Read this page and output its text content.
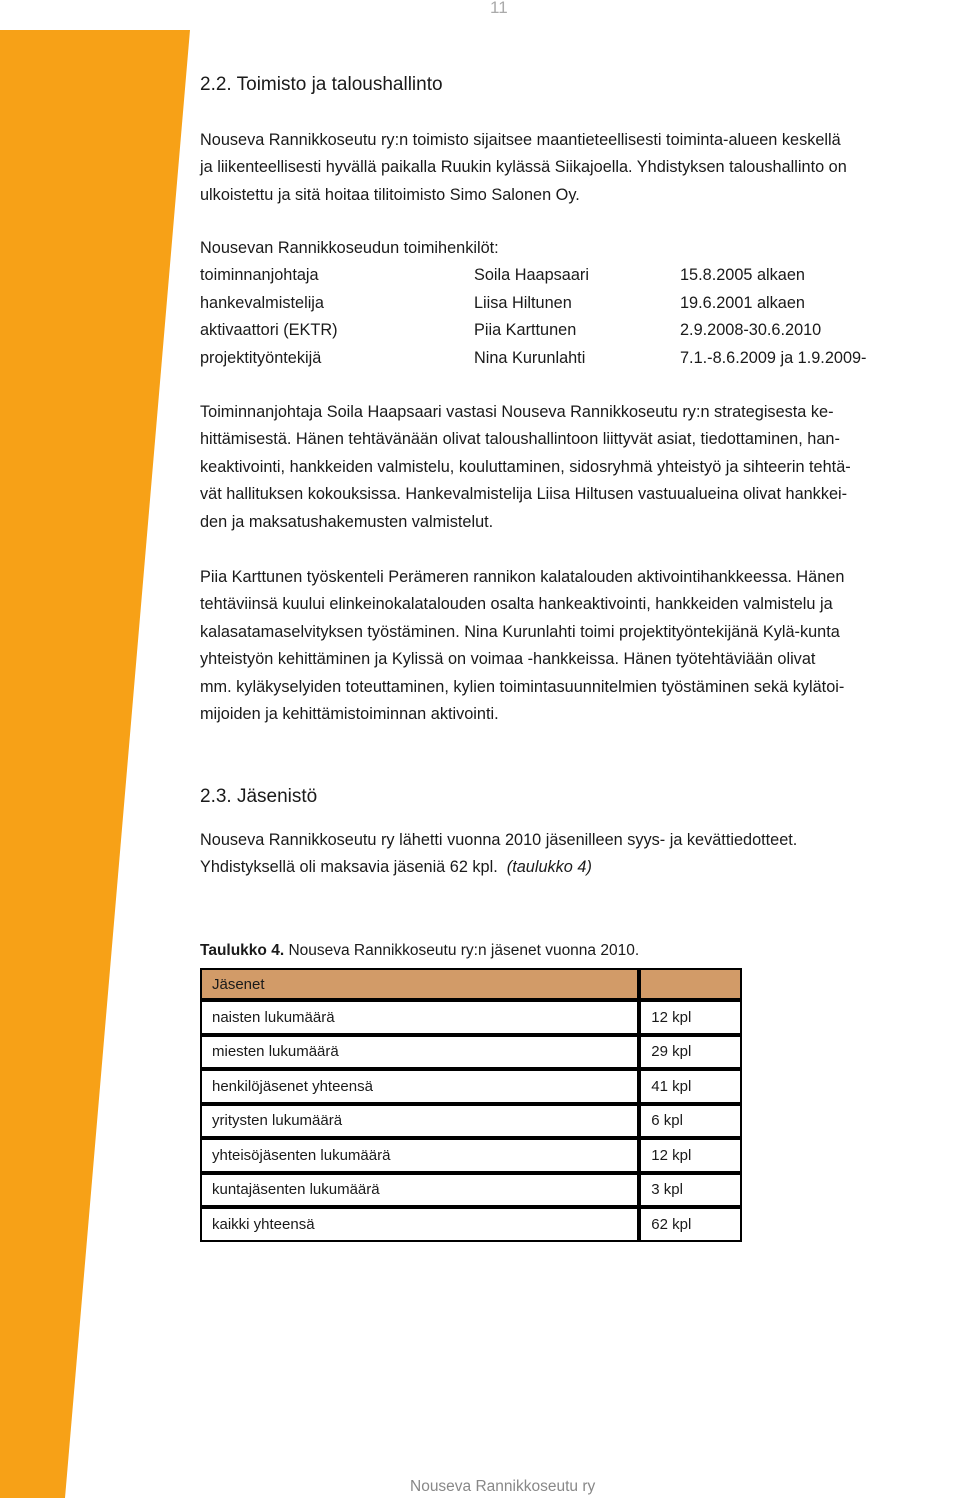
11
2.2. Toimisto ja taloushallinto
Nouseva Rannikkoseutu ry:n toimisto sijaitsee maantieteellisesti toiminta-alueen keskellä
ja liikenteellisesti hyvällä paikalla Ruukin kylässä Siikajoella. Yhdistyksen taloushallinto on
ulkoistettu ja sitä hoitaa tilitoimisto Simo Salonen Oy.
Nousevan Rannikkoseudun toimihenkilöt:
toiminnanjohtaja	Soila Haapsaari	15.8.2005 alkaen
hankevalmistelija	Liisa Hiltunen	19.6.2001 alkaen
aktivaattori (EKTR)	Piia Karttunen	2.9.2008-30.6.2010
projektityöntekijä	Nina Kurunlahti	7.1.-8.6.2009 ja 1.9.2009-
Toiminnanjohtaja Soila Haapsaari vastasi Nouseva Rannikkoseutu ry:n strategisesta ke-
hittämisestä. Hänen tehtävänään olivat taloushallintoon liittyvät asiat, tiedottaminen, han-
keaktivointi, hankkeiden valmistelu, kouluttaminen, sidosryhmä yhteistyö ja sihteerin tehtä-
vät hallituksen kokouksissa. Hankevalmistelija Liisa Hiltusen vastuualueina olivat hankkei-
den ja maksatushakemusten valmistelut.
Piia Karttunen työskenteli Perämeren rannikon kalatalouden aktivointihankkeessa. Hänen
tehtäviinsä kuului elinkeinokalatalouden osalta hankeaktivointi, hankkeiden valmistelu ja
kalasatamaselvityksen työstäminen. Nina Kurunlahti toimi projektityöntekijänä Kylä-kunta
yhteistyön kehittäminen ja Kylissä on voimaa -hankkeissa. Hänen työtehtäviään olivat
mm. kyläkyselyiden toteuttaminen, kylien toimintasuunnitelmien työstäminen sekä kylätoi-
mijoiden ja kehittämistoiminnan aktivointi.
2.3. Jäsenistö
Nouseva Rannikkoseutu ry lähetti vuonna 2010 jäsenilleen syys- ja kevättiedotteet.
Yhdistyksellä oli maksavia jäseniä 62 kpl. (taulukko 4)
Taulukko 4. Nouseva Rannikkoseutu ry:n jäsenet vuonna 2010.
Jäsenet	
naisten lukumäärä	12 kpl
miesten lukumäärä	29 kpl
henkilöjäsenet yhteensä	41 kpl
yritysten lukumäärä	6 kpl
yhteisöjäsenten lukumäärä	12 kpl
kuntajäsenten lukumäärä	3 kpl
kaikki yhteensä	62 kpl
Nouseva Rannikkoseutu ry
